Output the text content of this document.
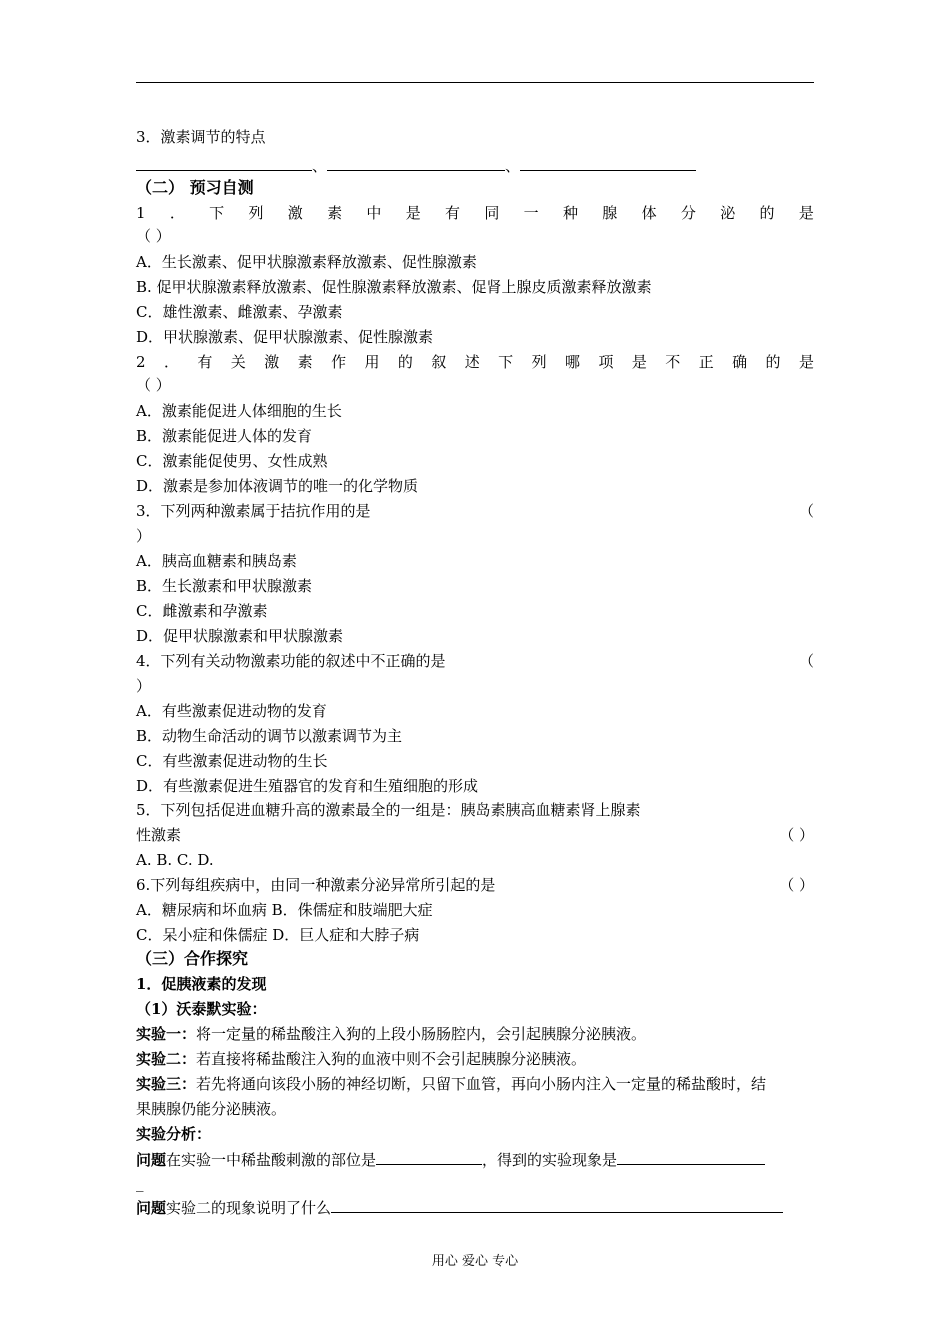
3．激素调节的特点
、	、
（二） 预习自测
1 ． 下 列 激 素 中 是 有 同 一 种 腺 体 分 泌 的 是
（ ）
A．生长激素、促甲状腺激素释放激素、促性腺激素
B. 促甲状腺激素释放激素、促性腺激素释放激素、促肾上腺皮质激素释放激素
C．雄性激素、雌激素、孕激素
D．甲状腺激素、促甲状腺激素、促性腺激素
2 ． 有 关 激 素 作 用 的 叙 述 下 列 哪 项 是 不 正 确 的 是
（ ）
A．激素能促进人体细胞的生长
B．激素能促进人体的发育
C．激素能促使男、女性成熟
D．激素是参加体液调节的唯一的化学物质
3．下列两种激素属于拮抗作用的是	（
）
A．胰高血糖素和胰岛素
B．生长激素和甲状腺激素
C．雌激素和孕激素
D．促甲状腺激素和甲状腺激素
4．下列有关动物激素功能的叙述中不正确的是	（
）
A．有些激素促进动物的发育
B．动物生命活动的调节以激素调节为主
C．有些激素促进动物的生长
D．有些激素促进生殖器官的发育和生殖细胞的形成
5．下列包括促进血糖升高的激素最全的一组是：胰岛素胰高血糖素肾上腺素
性激素	（ ）
A. B. C. D.
6.下列每组疾病中，由同一种激素分泌异常所引起的是	（ ）
A．糖尿病和坏血病 B．侏儒症和肢端肥大症
C．呆小症和侏儒症 D．巨人症和大脖子病
（三）合作探究
1．促胰液素的发现
（1）沃泰默实验：
实验一：将一定量的稀盐酸注入狗的上段小肠肠腔内，会引起胰腺分泌胰液。
实验二：若直接将稀盐酸注入狗的血液中则不会引起胰腺分泌胰液。
实验三：若先将通向该段小肠的神经切断，只留下血管，再向小肠内注入一定量的稀盐酸时，结
果胰腺仍能分泌胰液。
实验分析：
问题在实验一中稀盐酸刺激的部位是	，得到的实验现象是
_
问题实验二的现象说明了什么
用心 爱心 专心
